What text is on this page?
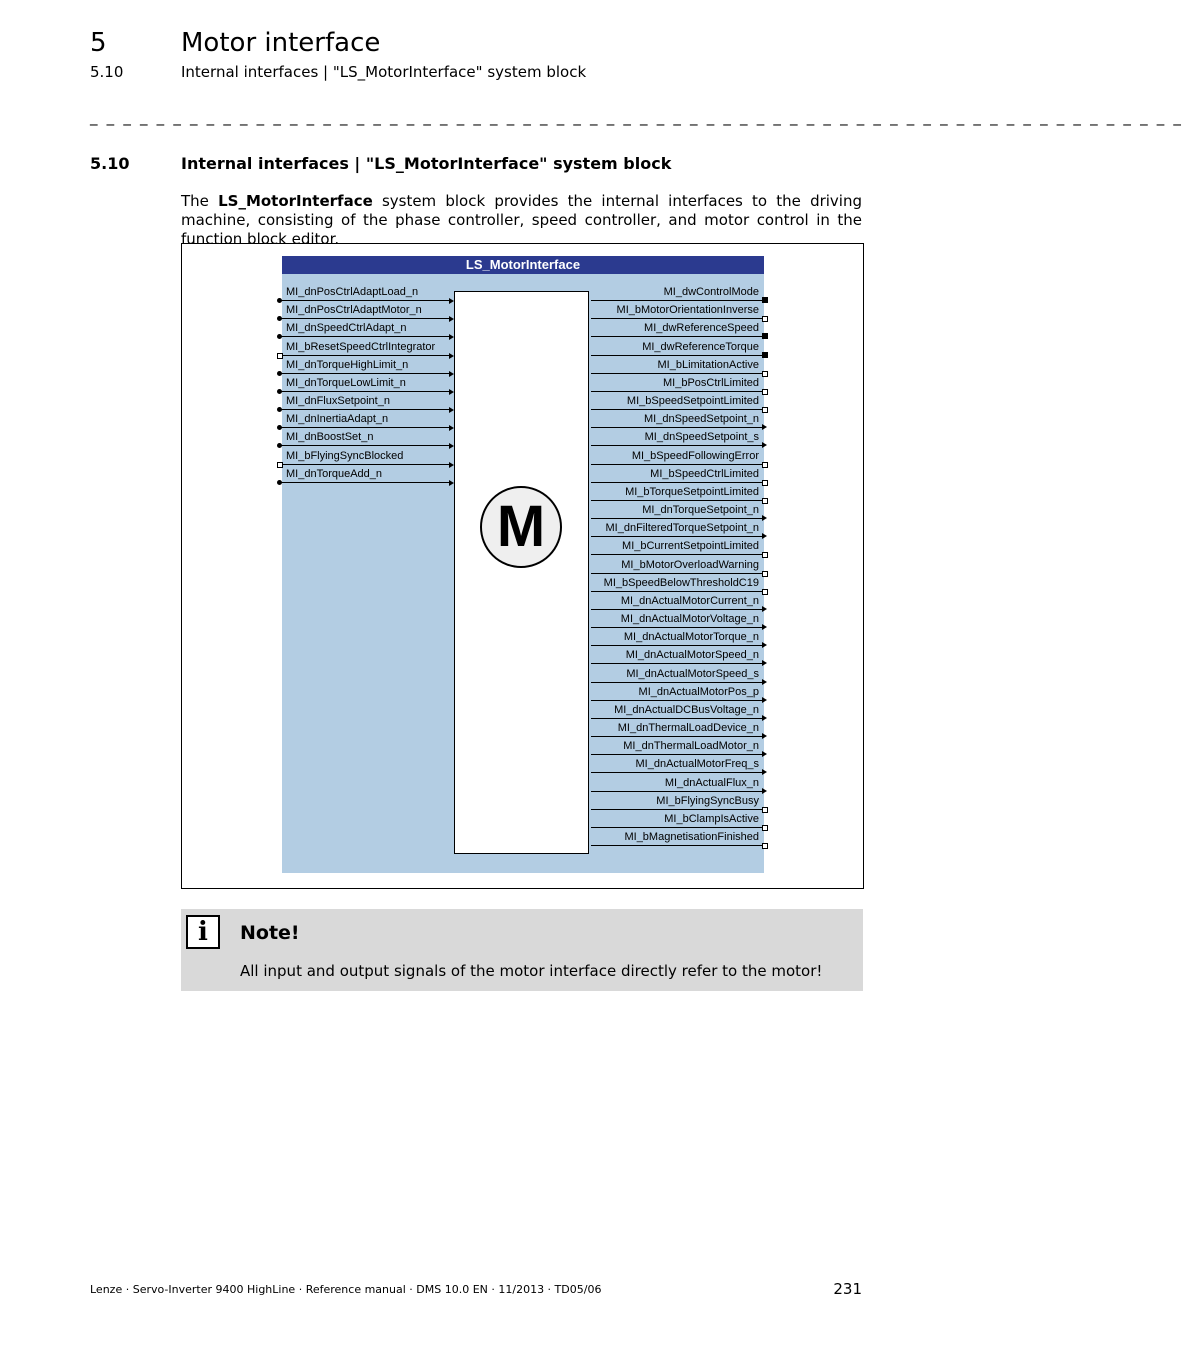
5	Motor interface
5.10	Internal interfaces | "LS_MotorInterface" system block
_ _ _ _ _ _ _ _ _ _ _ _ _ _ _ _ _ _ _ _ _ _ _ _ _ _ _ _ _ _ _ _ _ _ _ _ _ _ _ _ _ _ _ _ _ _ _ _ _ _ _ _ _ _ _ _ _ _ _ _ _ _ _ _ _ _
5.10	Internal interfaces | "LS_MotorInterface" system block
The LS_MotorInterface system block provides the internal interfaces to the driving machine, consisting of the phase controller, speed controller, and motor control in the function block editor.
LS_MotorInterface
M
MI_dnPosCtrlAdaptLoad_n
MI_dnPosCtrlAdaptMotor_n
MI_dnSpeedCtrlAdapt_n
MI_bResetSpeedCtrlIntegrator
MI_dnTorqueHighLimit_n
MI_dnTorqueLowLimit_n
MI_dnFluxSetpoint_n
MI_dnInertiaAdapt_n
MI_dnBoostSet_n
MI_bFlyingSyncBlocked
MI_dnTorqueAdd_n
MI_dwControlMode
MI_bMotorOrientationInverse
MI_dwReferenceSpeed
MI_dwReferenceTorque
MI_bLimitationActive
MI_bPosCtrlLimited
MI_bSpeedSetpointLimited
MI_dnSpeedSetpoint_n
MI_dnSpeedSetpoint_s
MI_bSpeedFollowingError
MI_bSpeedCtrlLimited
MI_bTorqueSetpointLimited
MI_dnTorqueSetpoint_n
MI_dnFilteredTorqueSetpoint_n
MI_bCurrentSetpointLimited
MI_bMotorOverloadWarning
MI_bSpeedBelowThresholdC19
MI_dnActualMotorCurrent_n
MI_dnActualMotorVoltage_n
MI_dnActualMotorTorque_n
MI_dnActualMotorSpeed_n
MI_dnActualMotorSpeed_s
MI_dnActualMotorPos_p
MI_dnActualDCBusVoltage_n
MI_dnThermalLoadDevice_n
MI_dnThermalLoadMotor_n
MI_dnActualMotorFreq_s
MI_dnActualFlux_n
MI_bFlyingSyncBusy
MI_bClampIsActive
MI_bMagnetisationFinished
i	Note!
All input and output signals of the motor interface directly refer to the motor!
Lenze · Servo-Inverter 9400 HighLine · Reference manual · DMS 10.0 EN · 11/2013 · TD05/06	231
